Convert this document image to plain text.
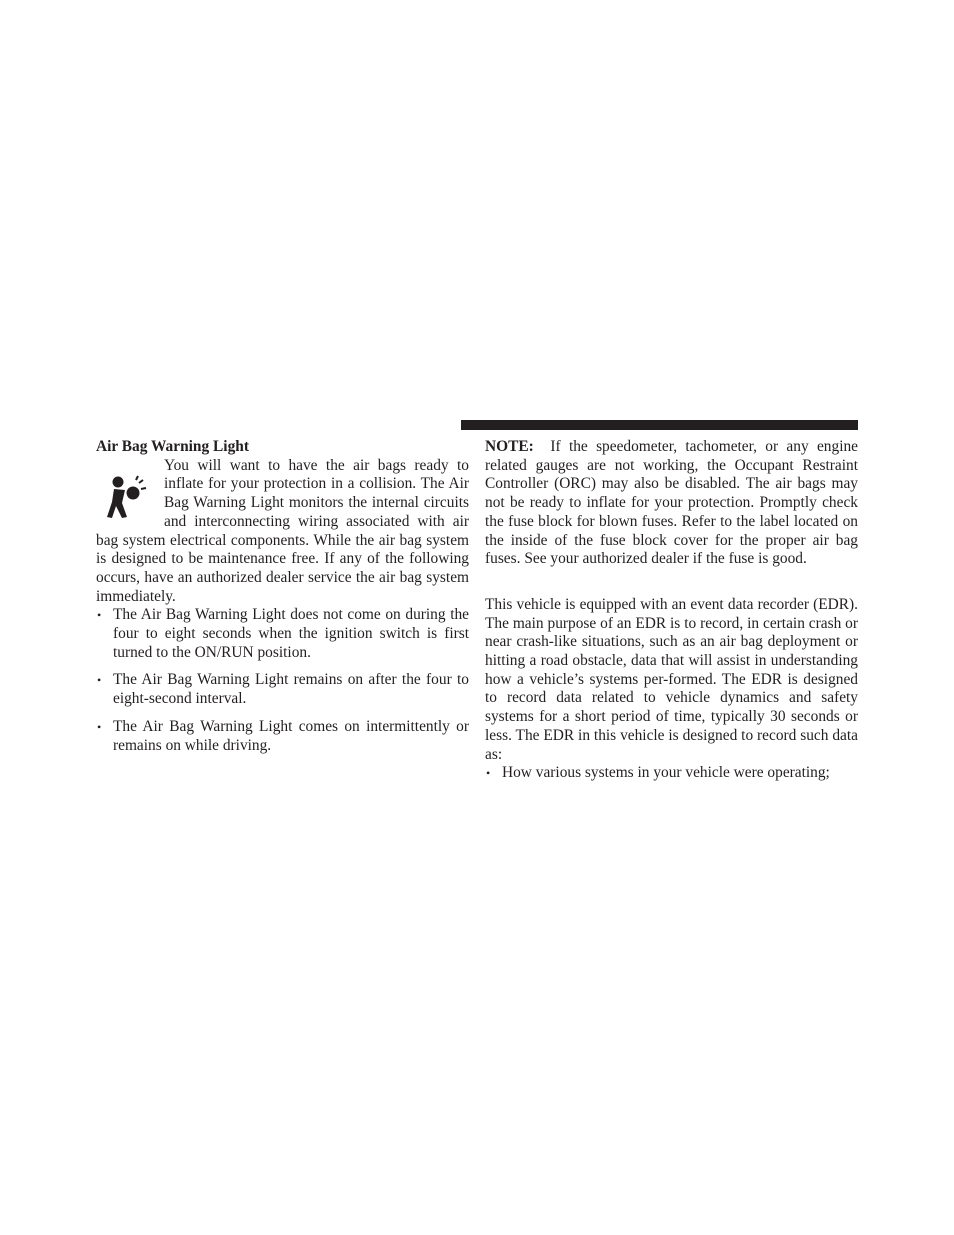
Air Bag Warning Light

You will want to have the air bags ready to inflate for your protection in a collision. The Air Bag Warning Light monitors the internal circuits and interconnecting wiring associated with air bag system electrical components. While the air bag system is designed to be maintenance free. If any of the following occurs, have an authorized dealer service the air bag system immediately.

• The Air Bag Warning Light does not come on during the four to eight seconds when the ignition switch is first turned to the ON/RUN position.
• The Air Bag Warning Light remains on after the four to eight-second interval.
• The Air Bag Warning Light comes on intermittently or remains on while driving.

NOTE: If the speedometer, tachometer, or any engine related gauges are not working, the Occupant Restraint Controller (ORC) may also be disabled. The air bags may not be ready to inflate for your protection. Promptly check the fuse block for blown fuses. Refer to the label located on the inside of the fuse block cover for the proper air bag fuses. See your authorized dealer if the fuse is good.

This vehicle is equipped with an event data recorder (EDR). The main purpose of an EDR is to record, in certain crash or near crash-like situations, such as an air bag deployment or hitting a road obstacle, data that will assist in understanding how a vehicle’s systems per-formed. The EDR is designed to record data related to vehicle dynamics and safety systems for a short period of time, typically 30 seconds or less. The EDR in this vehicle is designed to record such data as:

• How various systems in your vehicle were operating;
